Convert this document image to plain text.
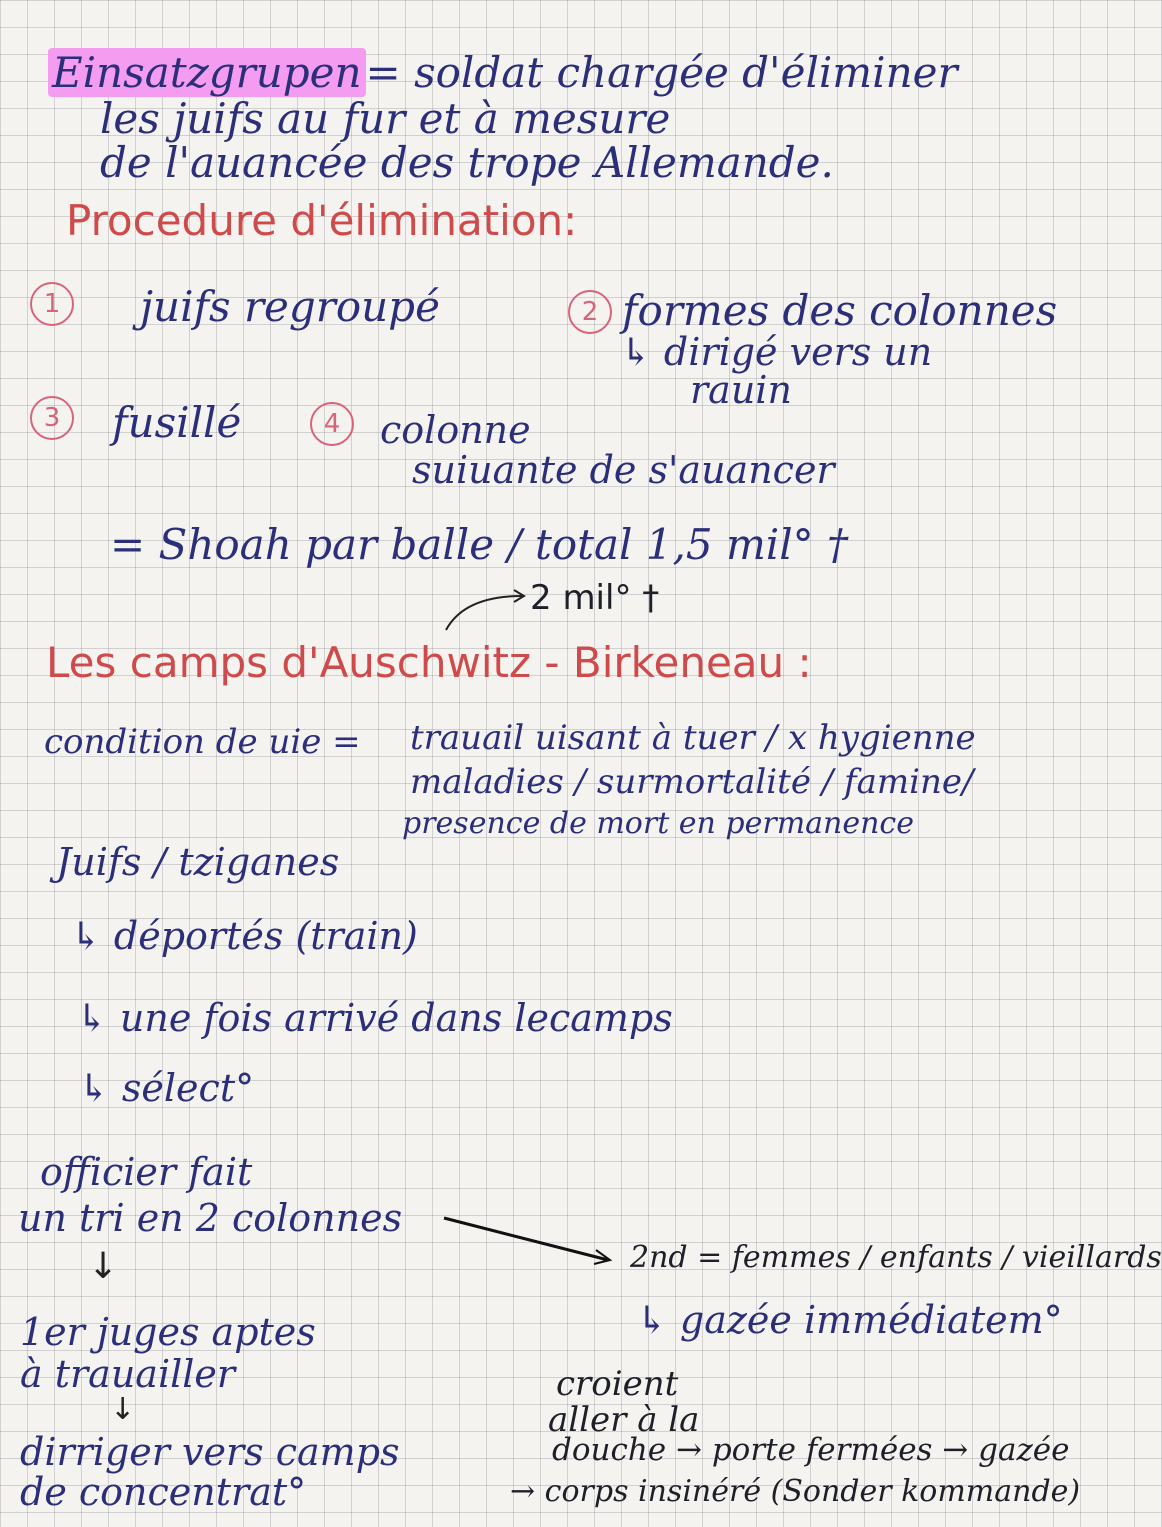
Einsatzgrupen= soldat chargée d'éliminer
les juifs au fur et à mesure
de l'auancée des trope Allemande.
Procedure d'élimination:
1	juifs regroupé	2 formes des colonnes
↳ dirigé vers un
rauin
3	fusillé	4	colonne
suiuante de s'auancer
= Shoah par balle / total 1,5 mil° †
2 mil° †
Les camps d'Auschwitz - Birkeneau :
condition de uie = trauail uisant à tuer / x hygienne
maladies / surmortalité / famine/
presence de mort en permanence
Juifs / tziganes
↳ déportés (train)
↳ une fois arrivé dans lecamps
↳ sélect°
officier fait
un tri en 2 colonnes
↓
↓
1er juges aptes
à trauailler
dirriger vers camps
de concentrat°
2nd = femmes / enfants / vieillards
↳ gazée immédiatem°
croient
aller à la
douche → porte fermées → gazée
→ corps insinéré (Sonder kommande)
